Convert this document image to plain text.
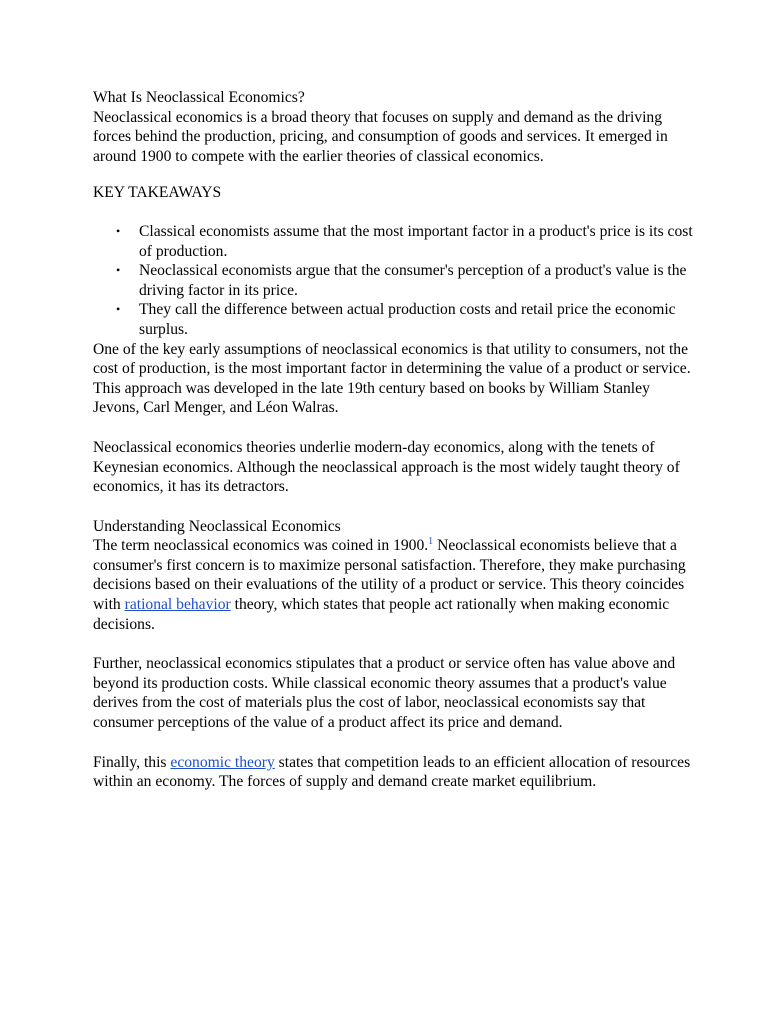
What Is Neoclassical Economics?

Neoclassical economics is a broad theory that focuses on supply and demand as the driving forces behind the production, pricing, and consumption of goods and services. It emerged in around 1900 to compete with the earlier theories of classical economics.

KEY TAKEAWAYS

• Classical economists assume that the most important factor in a product's price is its cost of production.
• Neoclassical economists argue that the consumer's perception of a product's value is the driving factor in its price.
• They call the difference between actual production costs and retail price the economic surplus.

One of the key early assumptions of neoclassical economics is that utility to consumers, not the cost of production, is the most important factor in determining the value of a product or service. This approach was developed in the late 19th century based on books by William Stanley Jevons, Carl Menger, and Léon Walras.

Neoclassical economics theories underlie modern-day economics, along with the tenets of Keynesian economics. Although the neoclassical approach is the most widely taught theory of economics, it has its detractors.

Understanding Neoclassical Economics

The term neoclassical economics was coined in 1900.$^1$ Neoclassical economists believe that a consumer's first concern is to maximize personal satisfaction. Therefore, they make purchasing decisions based on their evaluations of the utility of a product or service. This theory coincides with rational behavior theory, which states that people act rationally when making economic decisions.

Further, neoclassical economics stipulates that a product or service often has value above and beyond its production costs. While classical economic theory assumes that a product's value derives from the cost of materials plus the cost of labor, neoclassical economists say that consumer perceptions of the value of a product affect its price and demand.

Finally, this economic theory states that competition leads to an efficient allocation of resources within an economy. The forces of supply and demand create market equilibrium.
